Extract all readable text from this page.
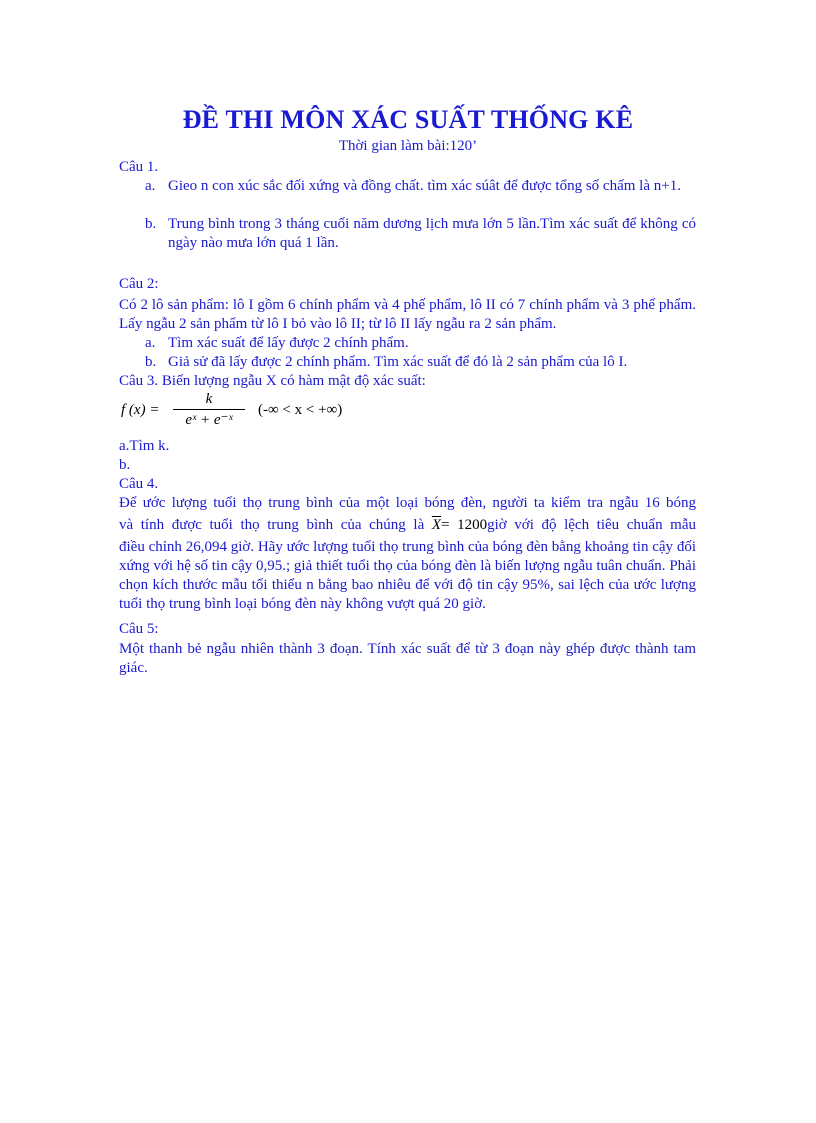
ĐỀ THI MÔN XÁC SUẤT THỐNG KÊ
Thời gian làm bài:120’
Câu 1.
a. Gieo n con xúc sắc đối xứng và đồng chất. tìm xác súât để được tổng số chấm là n+1.
b. Trung bình trong 3 tháng cuối năm dương lịch mưa lớn 5 lần.Tìm xác suất để không có ngày nào mưa lớn quá 1 lần.
Câu 2:
Có 2 lô sản phẩm: lô I gồm 6 chính phẩm và 4 phế phẩm, lô II có 7 chính phẩm và 3 phế phẩm. Lấy ngẫu 2 sản phẩm từ lô I bỏ vào lô II; từ lô II lấy ngẫu ra 2 sản phẩm.
a. Tìm xác suất để lấy được 2 chính phẩm.
b. Giả sử đã lấy được 2 chính phẩm. Tìm xác suất để đó là 2 sản phẩm của lô I.
Câu 3. Biến lượng ngẫu X có hàm mật độ xác suất:
f (x) =
k
eˣ + e⁻ˣ
(-∞ < x < +∞)
a.Tìm k.
b.
Câu 4.
Để ước lượng tuổi thọ trung bình của một loại bóng đèn, người ta kiểm tra ngẫu 16 bóng
và tính được tuổi thọ trung bình của chúng là $\overline{X}=$ 1200giờ với độ lệch tiêu chuẩn mẫu
điều chỉnh 26,094 giờ. Hãy ước lượng tuổi thọ trung bình của bóng đèn bằng khoảng tin cậy đối xứng với hệ số tin cậy 0,95.; giả thiết tuổi thọ của bóng đèn là biến lượng ngẫu tuân chuẩn. Phải chọn kích thước mẫu tối thiểu n bằng bao nhiêu để với độ tin cậy 95%, sai lệch của ước lượng tuổi thọ trung bình loại bóng đèn này không vượt quá 20 giờ.
Câu 5:
Một thanh bẻ ngẫu nhiên thành 3 đoạn. Tính xác suất để từ 3 đoạn này ghép được thành tam giác.
